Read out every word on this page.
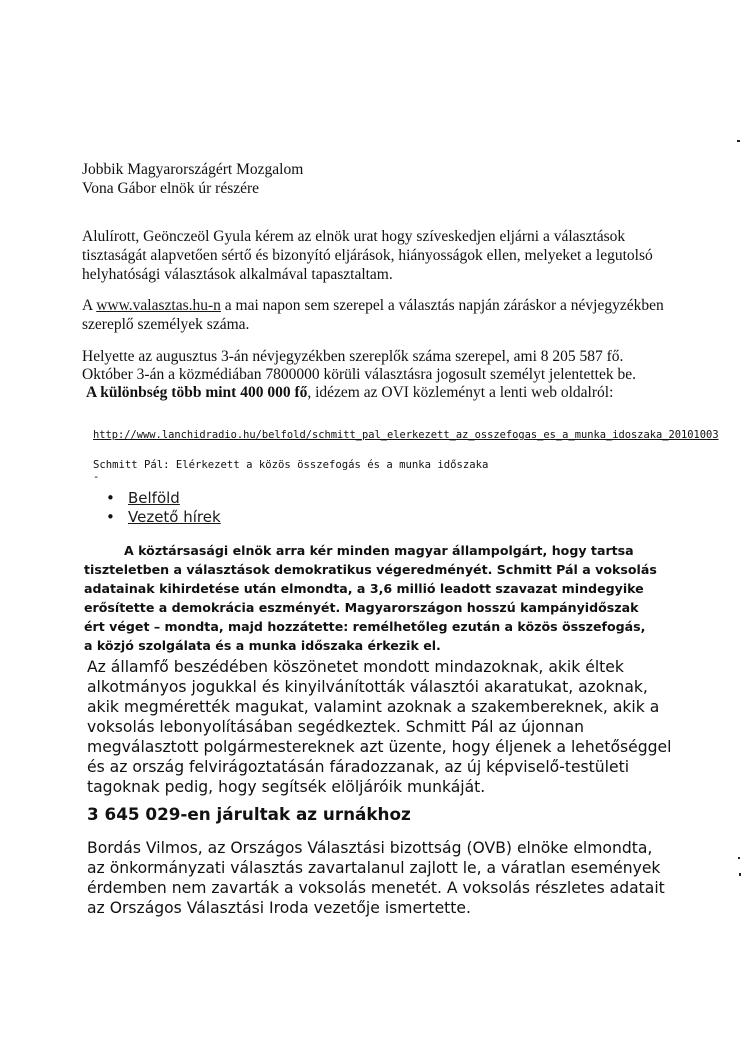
Jobbik Magyarországért Mozgalom
Vona Gábor elnök úr részére
Alulírott, Geönczeöl Gyula kérem az elnök urat hogy szíveskedjen eljárni a választások
tisztaságát alapvetően sértő és bizonyító eljárások, hiányosságok ellen, melyeket a legutolsó
helyhatósági választások alkalmával tapasztaltam.
A www.valasztas.hu-n a mai napon sem szerepel a választás napján záráskor a névjegyzékben
szereplő személyek száma.
Helyette az augusztus 3-án névjegyzékben szereplők száma szerepel, ami 8 205 587 fő.
Október 3-án a közmédiában 7800000 körüli választásra jogosult személyt jelentettek be.
A különbség több mint 400 000 fő, idézem az OVI közleményt a lenti web oldalról:
http://www.lanchidradio.hu/belfold/schmitt_pal_elerkezett_az_osszefogas_es_a_munka_idoszaka_20101003
Schmitt Pál: Elérkezett a közös összefogás és a munka időszaka
-
• Belföld
• Vezető hírek
A köztársasági elnök arra kér minden magyar állampolgárt, hogy tartsa
tiszteletben a választások demokratikus végeredményét. Schmitt Pál a voksolás
adatainak kihirdetése után elmondta, a 3,6 millió leadott szavazat mindegyike
erősítette a demokrácia eszményét. Magyarországon hosszú kampányidőszak
ért véget – mondta, majd hozzátette: remélhetőleg ezután a közös összefogás,
a közjó szolgálata és a munka időszaka érkezik el.
Az államfő beszédében köszönetet mondott mindazoknak, akik éltek
alkotmányos jogukkal és kinyilvánították választói akaratukat, azoknak,
akik megmérették magukat, valamint azoknak a szakembereknek, akik a
voksolás lebonyolításában segédkeztek. Schmitt Pál az újonnan
megválasztott polgármestereknek azt üzente, hogy éljenek a lehetőséggel
és az ország felvirágoztatásán fáradozzanak, az új képviselő-testületi
tagoknak pedig, hogy segítsék elöljáróik munkáját.
3 645 029-en járultak az urnákhoz
Bordás Vilmos, az Országos Választási bizottság (OVB) elnöke elmondta,
az önkormányzati választás zavartalanul zajlott le, a váratlan események
érdemben nem zavarták a voksolás menetét. A voksolás részletes adatait
az Országos Választási Iroda vezetője ismertette.
